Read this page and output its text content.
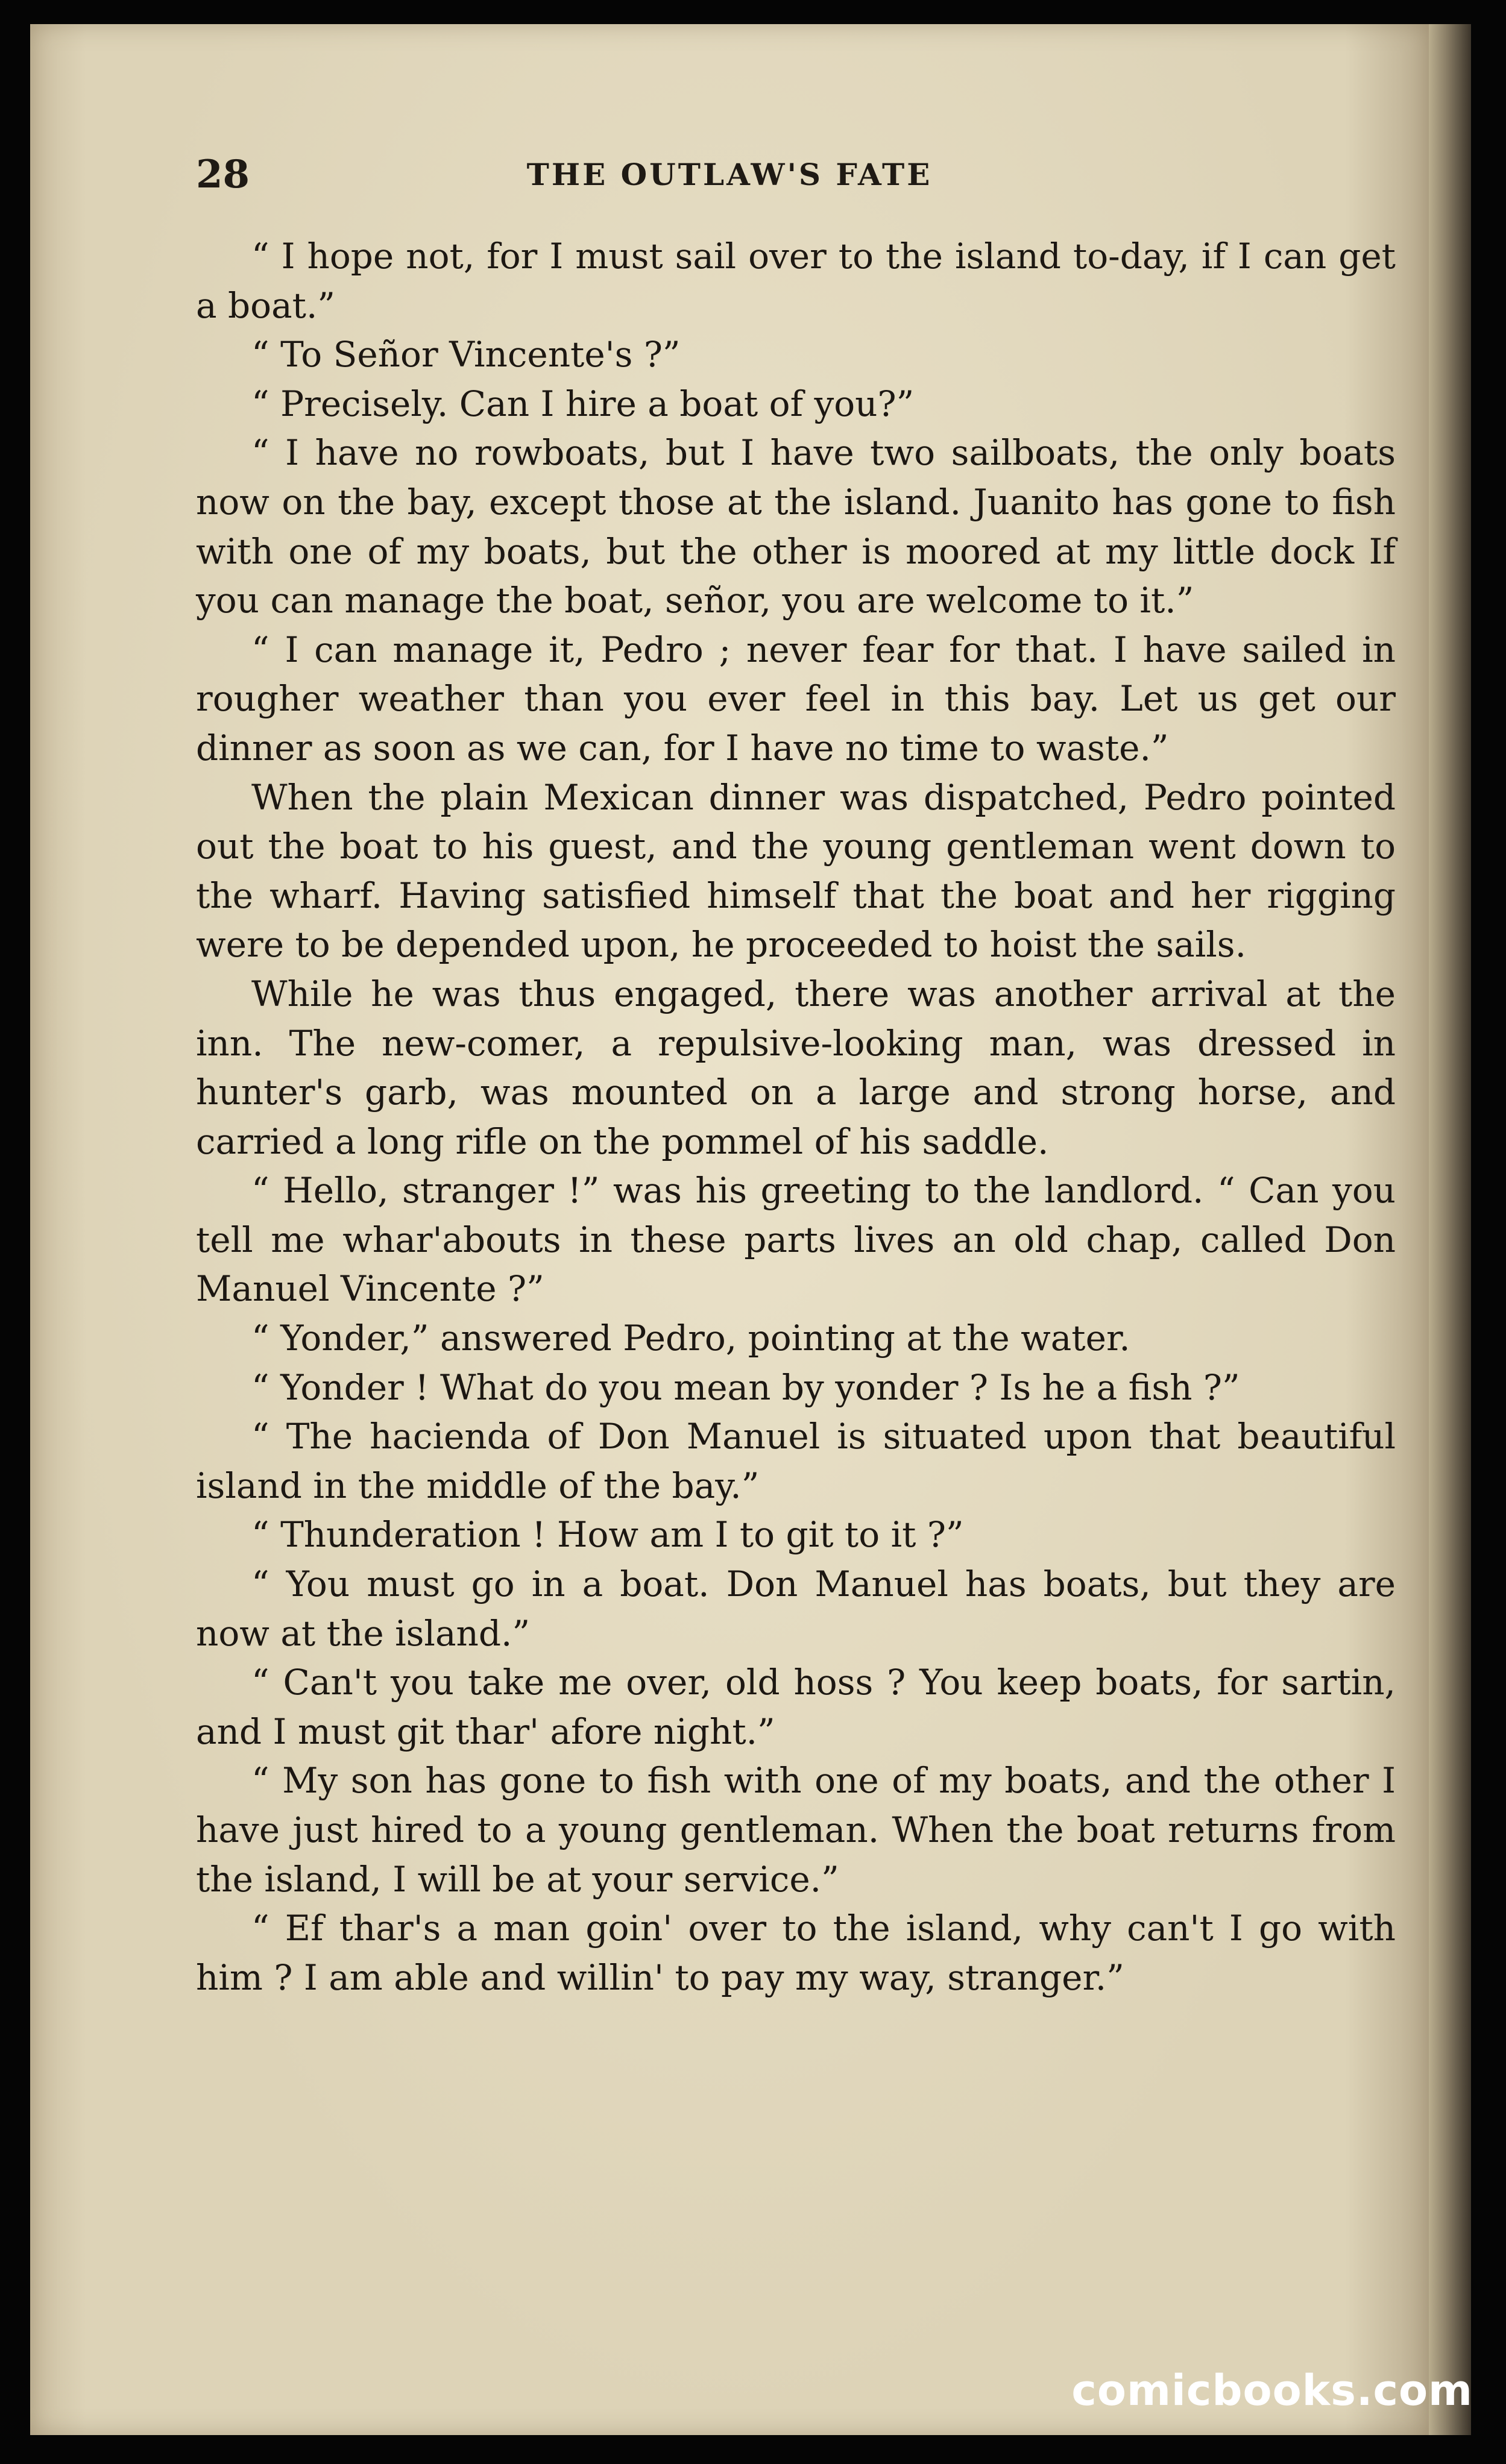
28	THE OUTLAW'S FATE

“ I hope not, for I must sail over to the island to-day, if I can get a boat.”

“ To Señor Vincente's ?”

“ Precisely. Can I hire a boat of you?”

“ I have no rowboats, but I have two sailboats, the only boats now on the bay, except those at the island. Juanito has gone to fish with one of my boats, but the other is moored at my little dock If you can manage the boat, señor, you are welcome to it.”

“ I can manage it, Pedro ; never fear for that. I have sailed in rougher weather than you ever feel in this bay. Let us get our dinner as soon as we can, for I have no time to waste.”

When the plain Mexican dinner was dispatched, Pedro pointed out the boat to his guest, and the young gentleman went down to the wharf. Having satisfied himself that the boat and her rigging were to be depended upon, he proceeded to hoist the sails.

While he was thus engaged, there was another arrival at the inn. The new-comer, a repulsive-looking man, was dressed in hunter's garb, was mounted on a large and strong horse, and carried a long rifle on the pommel of his saddle.

“ Hello, stranger !” was his greeting to the landlord. “ Can you tell me whar'abouts in these parts lives an old chap, called Don Manuel Vincente ?”

“ Yonder,” answered Pedro, pointing at the water.

“ Yonder ! What do you mean by yonder ? Is he a fish ?”

“ The hacienda of Don Manuel is situated upon that beautiful island in the middle of the bay.”

“ Thunderation ! How am I to git to it ?”

“ You must go in a boat. Don Manuel has boats, but they are now at the island.”

“ Can't you take me over, old hoss ? You keep boats, for sartin, and I must git thar' afore night.”

“ My son has gone to fish with one of my boats, and the other I have just hired to a young gentleman. When the boat returns from the island, I will be at your service.”

“ Ef thar's a man goin' over to the island, why can't I go with him ? I am able and willin' to pay my way, stranger.”

comicbooks.com
